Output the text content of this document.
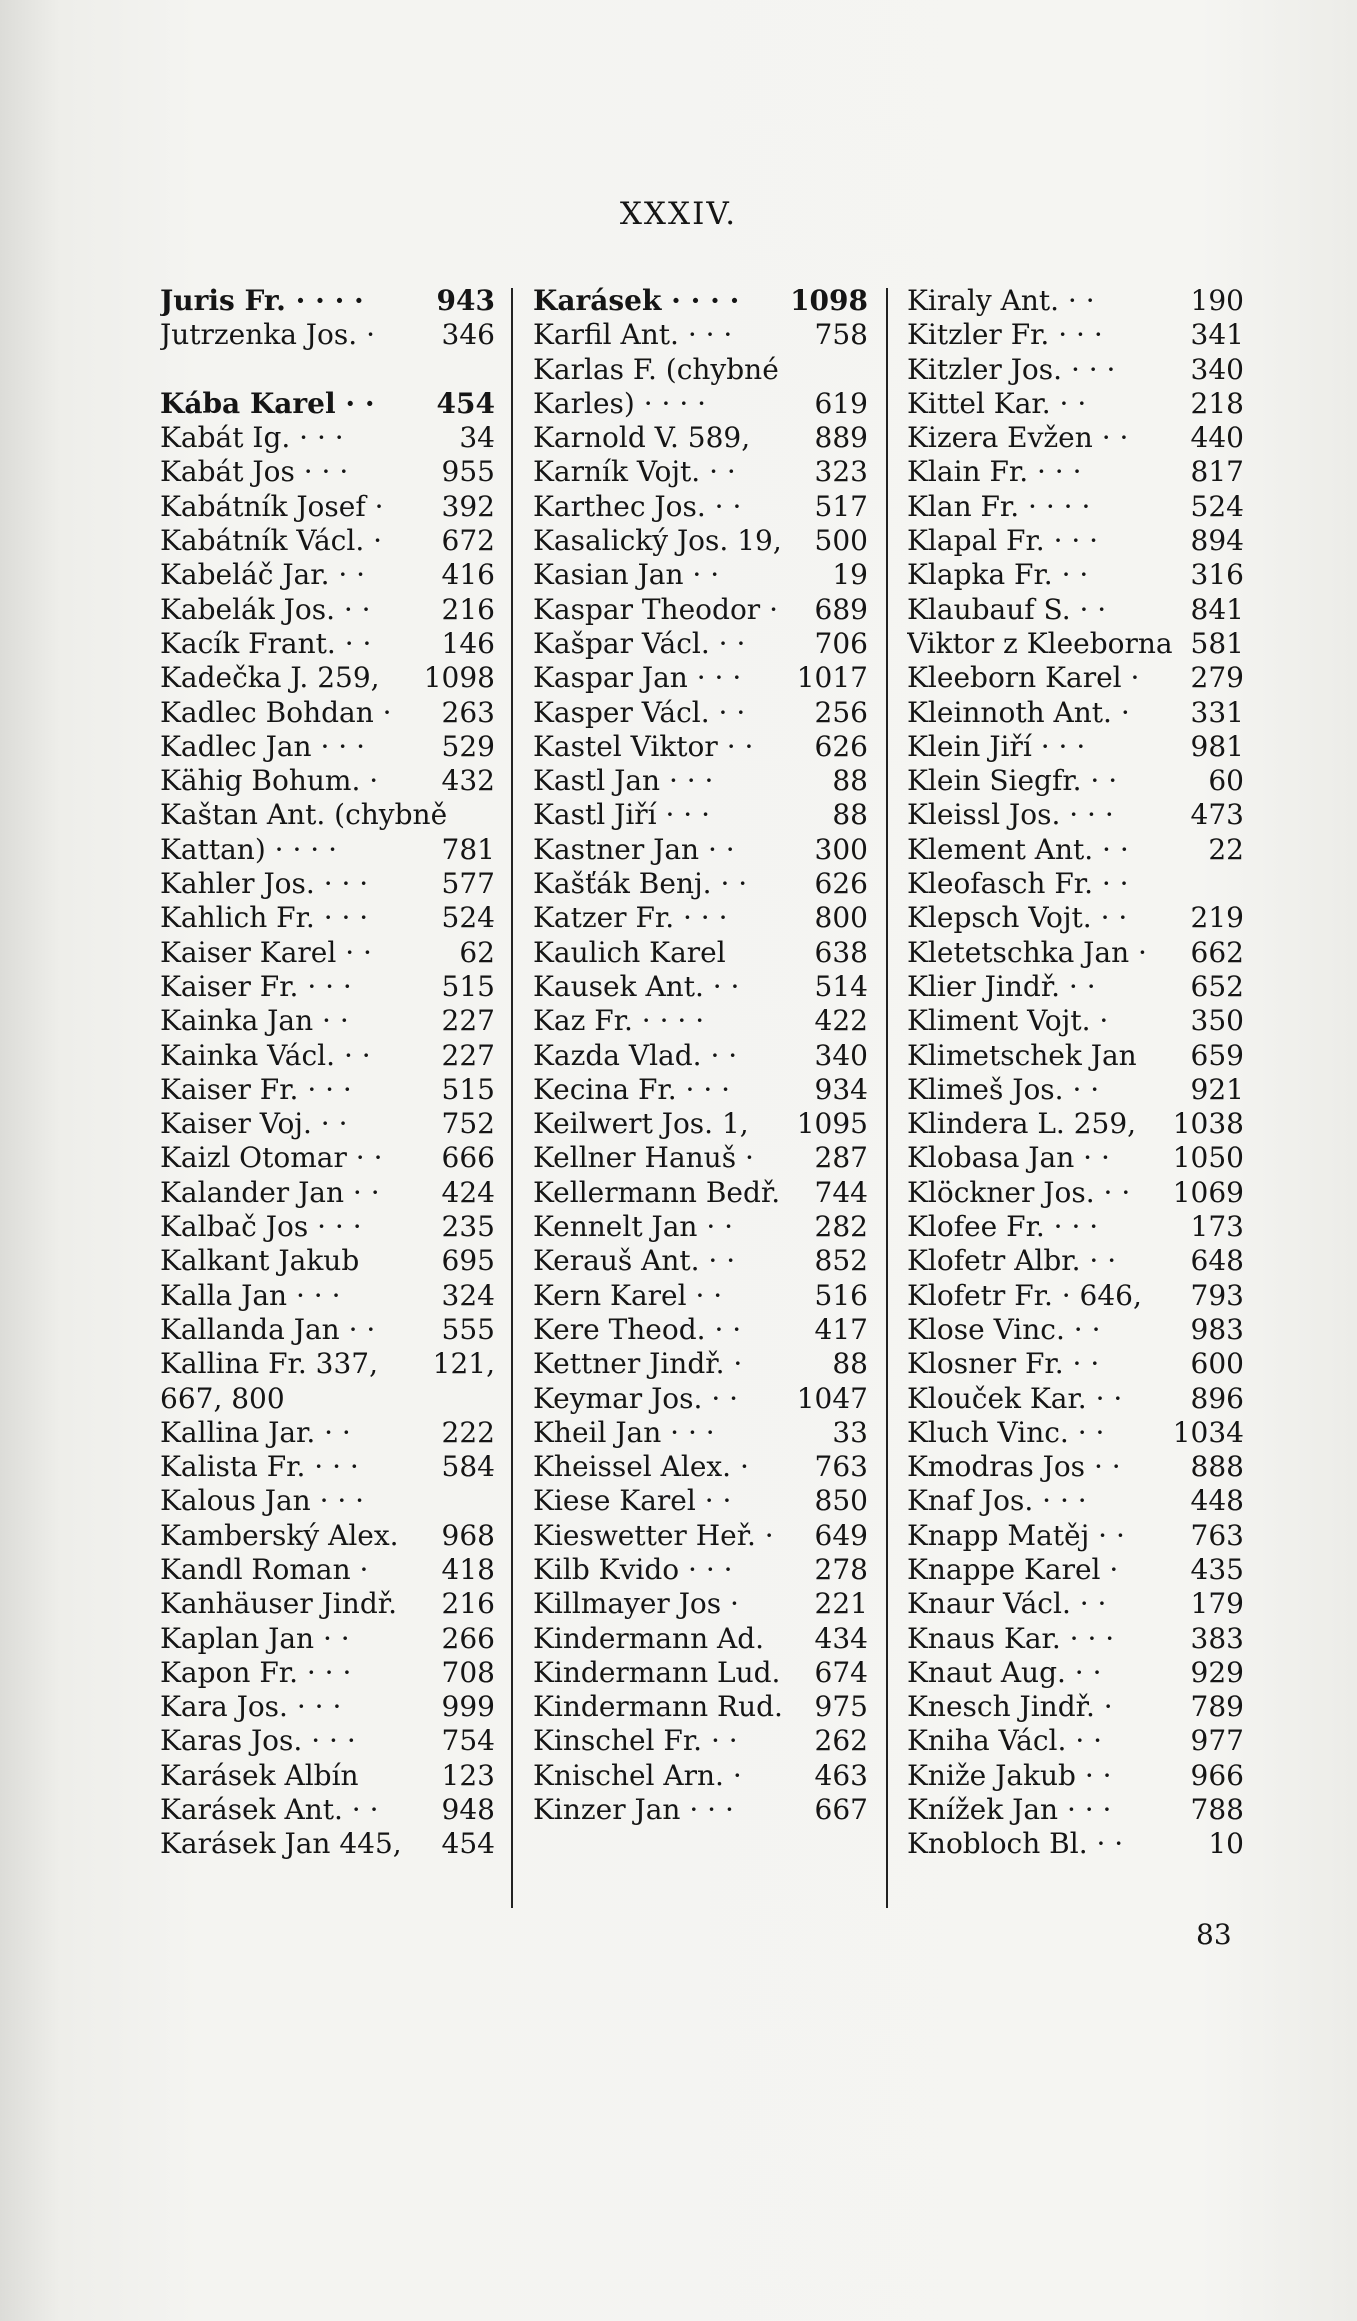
XXXIV.
Juris Fr. · · · ·	943
Jutrzenka Jos. ·	346
Kába Karel · ·	454
Kabát Ig. · · ·	34
Kabát Jos · · ·	955
Kabátník Josef ·	392
Kabátník Václ. ·	672
Kabeláč Jar. · ·	416
Kabelák Jos. · ·	216
Kacík Frant. · ·	146
Kadečka J. 259,	1098
Kadlec Bohdan ·	263
Kadlec Jan · · ·	529
Kähig Bohum. ·	432
Kaštan Ant. (chybně
Kattan) · · · ·	781
Kahler Jos. · · ·	577
Kahlich Fr. · · ·	524
Kaiser Karel · ·	62
Kaiser Fr. · · ·	515
Kainka Jan · ·	227
Kainka Václ. · ·	227
Kaiser Fr. · · ·	515
Kaiser Voj. · ·	752
Kaizl Otomar · ·	666
Kalander Jan · ·	424
Kalbač Jos · · ·	235
Kalkant Jakub	695
Kalla Jan · · ·	324
Kallanda Jan · ·	555
Kallina Fr. 337,	121,
667, 800
Kallina Jar. · ·	222
Kalista Fr. · · ·	584
Kalous Jan · · ·
Kamberský Alex.	968
Kandl Roman ·	418
Kanhäuser Jindř.	216
Kaplan Jan · ·	266
Kapon Fr. · · ·	708
Kara Jos. · · ·	999
Karas Jos. · · ·	754
Karásek Albín	123
Karásek Ant. · ·	948
Karásek Jan 445,	454
Karásek · · · ·	1098
Karfil Ant. · · ·	758
Karlas F. (chybné
Karles) · · · ·	619
Karnold V. 589,	889
Karník Vojt. · ·	323
Karthec Jos. · ·	517
Kasalický Jos. 19,	500
Kasian Jan · ·	19
Kaspar Theodor ·	689
Kašpar Václ. · ·	706
Kaspar Jan · · ·	1017
Kasper Václ. · ·	256
Kastel Viktor · ·	626
Kastl Jan · · ·	88
Kastl Jiří · · ·	88
Kastner Jan · ·	300
Kašťák Benj. · ·	626
Katzer Fr. · · ·	800
Kaulich Karel	638
Kausek Ant. · ·	514
Kaz Fr. · · · ·	422
Kazda Vlad. · ·	340
Kecina Fr. · · ·	934
Keilwert Jos. 1,	1095
Kellner Hanuš ·	287
Kellermann Bedř.	744
Kennelt Jan · ·	282
Kerauš Ant. · ·	852
Kern Karel · ·	516
Kere Theod. · ·	417
Kettner Jindř. ·	88
Keymar Jos. · ·	1047
Kheil Jan · · ·	33
Kheissel Alex. ·	763
Kiese Karel · ·	850
Kieswetter Heř. ·	649
Kilb Kvido · · ·	278
Killmayer Jos ·	221
Kindermann Ad.	434
Kindermann Lud.	674
Kindermann Rud.	975
Kinschel Fr. · ·	262
Knischel Arn. ·	463
Kinzer Jan · · ·	667
Kiraly Ant. · ·	190
Kitzler Fr. · · ·	341
Kitzler Jos. · · ·	340
Kittel Kar. · ·	218
Kizera Evžen · ·	440
Klain Fr. · · ·	817
Klan Fr. · · · ·	524
Klapal Fr. · · ·	894
Klapka Fr. · ·	316
Klaubauf S. · ·	841
Viktor z Kleeborna 581
Kleeborn Karel ·	279
Kleinnoth Ant. ·	331
Klein Jiří · · ·	981
Klein Siegfr. · ·	60
Kleissl Jos. · · ·	473
Klement Ant. · ·	22
Kleofasch Fr. · ·
Klepsch Vojt. · ·	219
Kletetschka Jan ·	662
Klier Jindř. · ·	652
Kliment Vojt. ·	350
Klimetschek Jan	659
Klimeš Jos. · ·	921
Klindera L. 259,	1038
Klobasa Jan · ·	1050
Klöckner Jos. · ·	1069
Klofee Fr. · · ·	173
Klofetr Albr. · ·	648
Klofetr Fr. · 646,	793
Klose Vinc. · ·	983
Klosner Fr. · ·	600
Klouček Kar. · ·	896
Kluch Vinc. · ·	1034
Kmodras Jos · ·	888
Knaf Jos. · · ·	448
Knapp Matěj · ·	763
Knappe Karel ·	435
Knaur Václ. · ·	179
Knaus Kar. · · ·	383
Knaut Aug. · ·	929
Knesch Jindř. ·	789
Kniha Václ. · ·	977
Kniže Jakub · ·	966
Knížek Jan · · ·	788
Knobloch Bl. · ·	10
83
